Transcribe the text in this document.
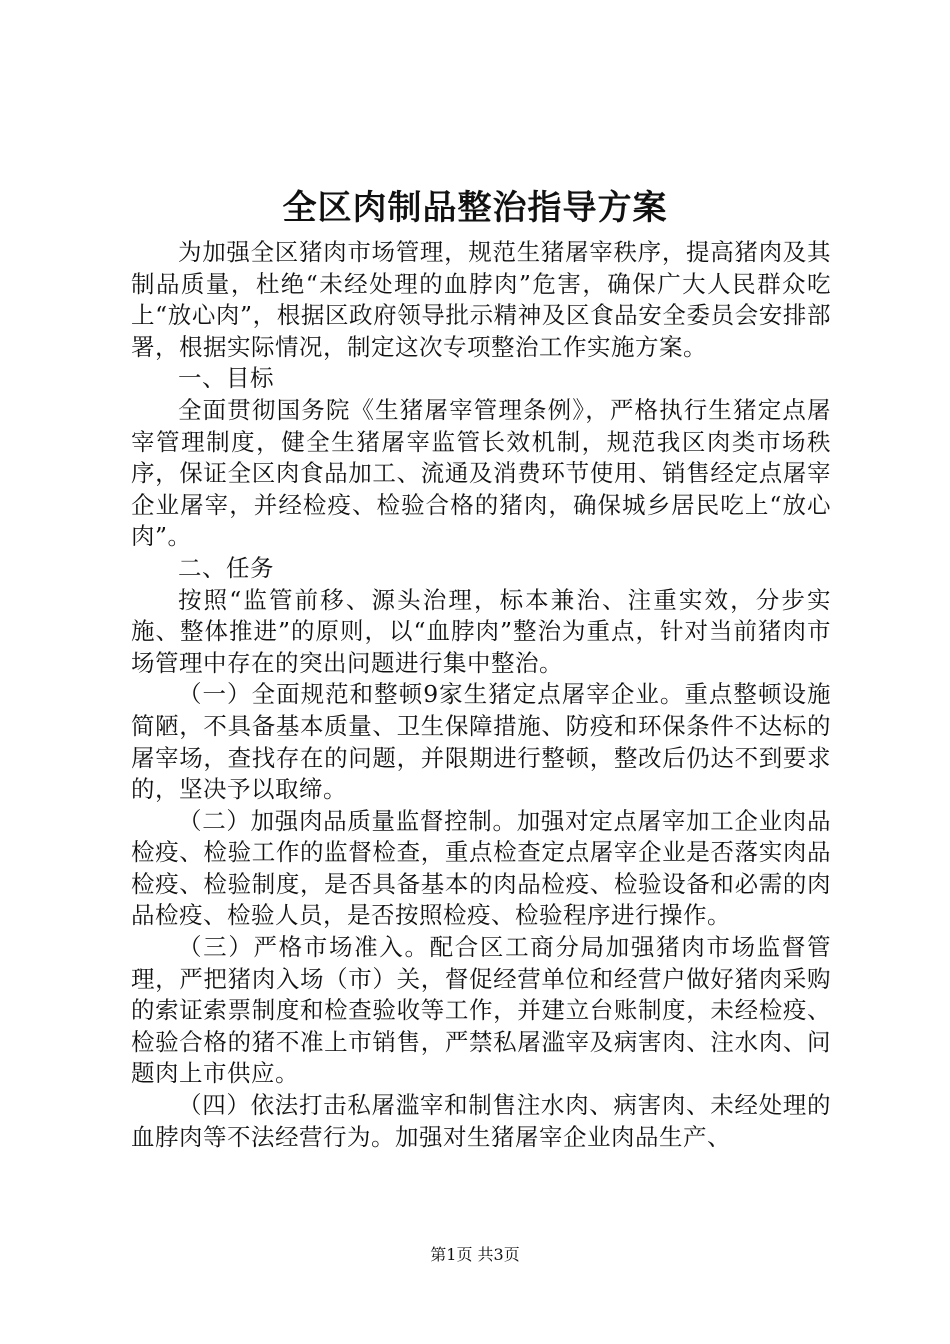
全区肉制品整治指导方案

为加强全区猪肉市场管理，规范生猪屠宰秩序，提高猪肉及其制品质量，杜绝“未经处理的血脖肉”危害，确保广大人民群众吃上“放心肉”，根据区政府领导批示精神及区食品安全委员会安排部署，根据实际情况，制定这次专项整治工作实施方案。

一、目标

全面贯彻国务院《生猪屠宰管理条例》，严格执行生猪定点屠宰管理制度，健全生猪屠宰监管长效机制，规范我区肉类市场秩序，保证全区肉食品加工、流通及消费环节使用、销售经定点屠宰企业屠宰，并经检疫、检验合格的猪肉，确保城乡居民吃上“放心肉”。

二、任务

按照“监管前移、源头治理，标本兼治、注重实效，分步实施、整体推进”的原则，以“血脖肉”整治为重点，针对当前猪肉市场管理中存在的突出问题进行集中整治。

（一）全面规范和整顿9家生猪定点屠宰企业。重点整顿设施简陋，不具备基本质量、卫生保障措施、防疫和环保条件不达标的屠宰场，查找存在的问题，并限期进行整顿，整改后仍达不到要求的，坚决予以取缔。

（二）加强肉品质量监督控制。加强对定点屠宰加工企业肉品检疫、检验工作的监督检查，重点检查定点屠宰企业是否落实肉品检疫、检验制度，是否具备基本的肉品检疫、检验设备和必需的肉品检疫、检验人员，是否按照检疫、检验程序进行操作。

（三）严格市场准入。配合区工商分局加强猪肉市场监督管理，严把猪肉入场（市）关，督促经营单位和经营户做好猪肉采购的索证索票制度和检查验收等工作，并建立台账制度，未经检疫、检验合格的猪不准上市销售，严禁私屠滥宰及病害肉、注水肉、问题肉上市供应。

（四）依法打击私屠滥宰和制售注水肉、病害肉、未经处理的血脖肉等不法经营行为。加强对生猪屠宰企业肉品生产、

第1页 共3页
